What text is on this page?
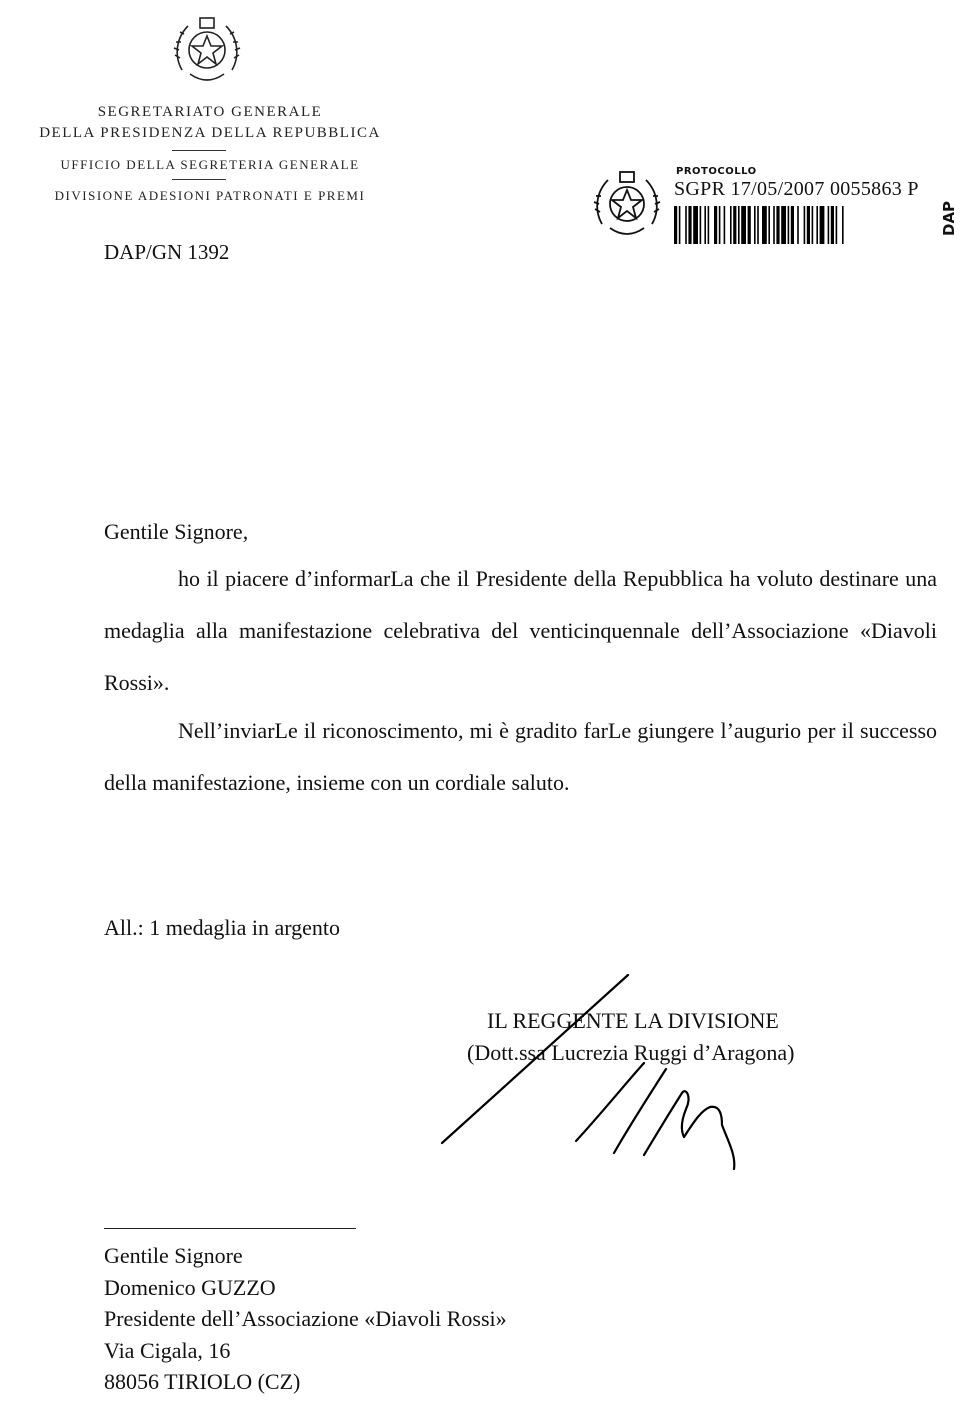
SEGRETARIATO GENERALE
DELLA PRESIDENZA DELLA REPUBBLICA
UFFICIO DELLA SEGRETERIA GENERALE
DIVISIONE ADESIONI PATRONATI E PREMI
DAP/GN 1392
PROTOCOLLO
SGPR 17/05/2007 0055863 P
DAP
Gentile Signore,
ho il piacere d’informarLa che il Presidente della Repubblica ha voluto destinare una medaglia alla manifestazione celebrativa del venticinquennale dell’Associazione «Diavoli Rossi».
Nell’inviarLe il riconoscimento, mi è gradito farLe giungere l’augurio per il successo della manifestazione, insieme con un cordiale saluto.
All.: 1 medaglia in argento
IL REGGENTE LA DIVISIONE
(Dott.ssa Lucrezia Ruggi d’Aragona)
Gentile Signore
Domenico GUZZO
Presidente dell’Associazione «Diavoli Rossi»
Via Cigala, 16
88056 TIRIOLO (CZ)
